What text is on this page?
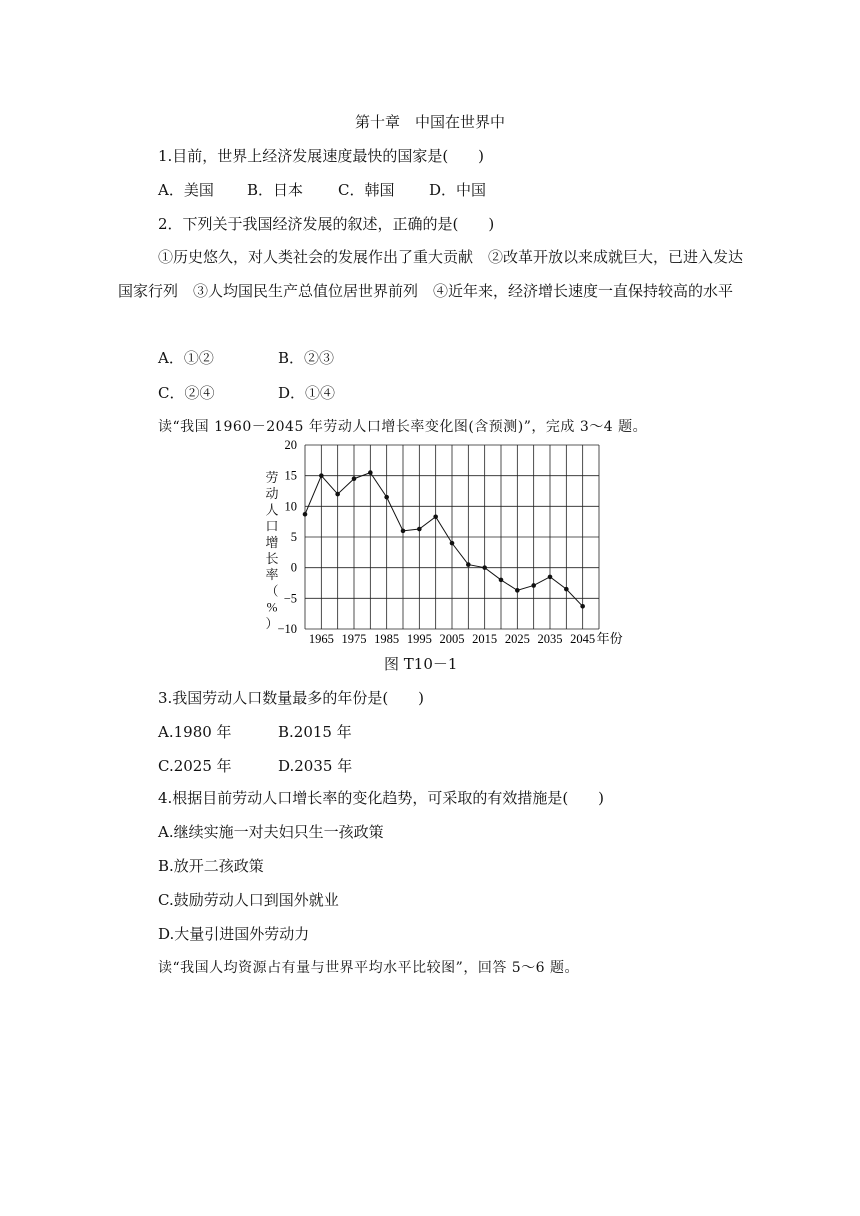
第十章　中国在世界中
1.目前，世界上经济发展速度最快的国家是(　　)
A．美国 B．日本 C．韩国 D．中国
2．下列关于我国经济发展的叙述，正确的是(　　)
①历史悠久，对人类社会的发展作出了重大贡献　②改革开放以来成就巨大，已进入发达国家行列　③人均国民生产总值位居世界前列　④近年来，经济增长速度一直保持较高的水平
A．①②	B．②③
C．②④	D．①④
读“我国 1960－2045 年劳动人口增长率变化图(含预测)”，完成 3～4 题。
20
15
10
5
0
−5
−10
1965 1975 1985 1995 2005 2015 2025 2035 2045 年份
劳动人口增长率（%）
图 T10－1
3.我国劳动人口数量最多的年份是(　　)
A.1980 年	B.2015 年
C.2025 年	D.2035 年
4.根据目前劳动人口增长率的变化趋势，可采取的有效措施是(　　)
A.继续实施一对夫妇只生一孩政策
B.放开二孩政策
C.鼓励劳动人口到国外就业
D.大量引进国外劳动力
读“我国人均资源占有量与世界平均水平比较图”，回答 5～6 题。
